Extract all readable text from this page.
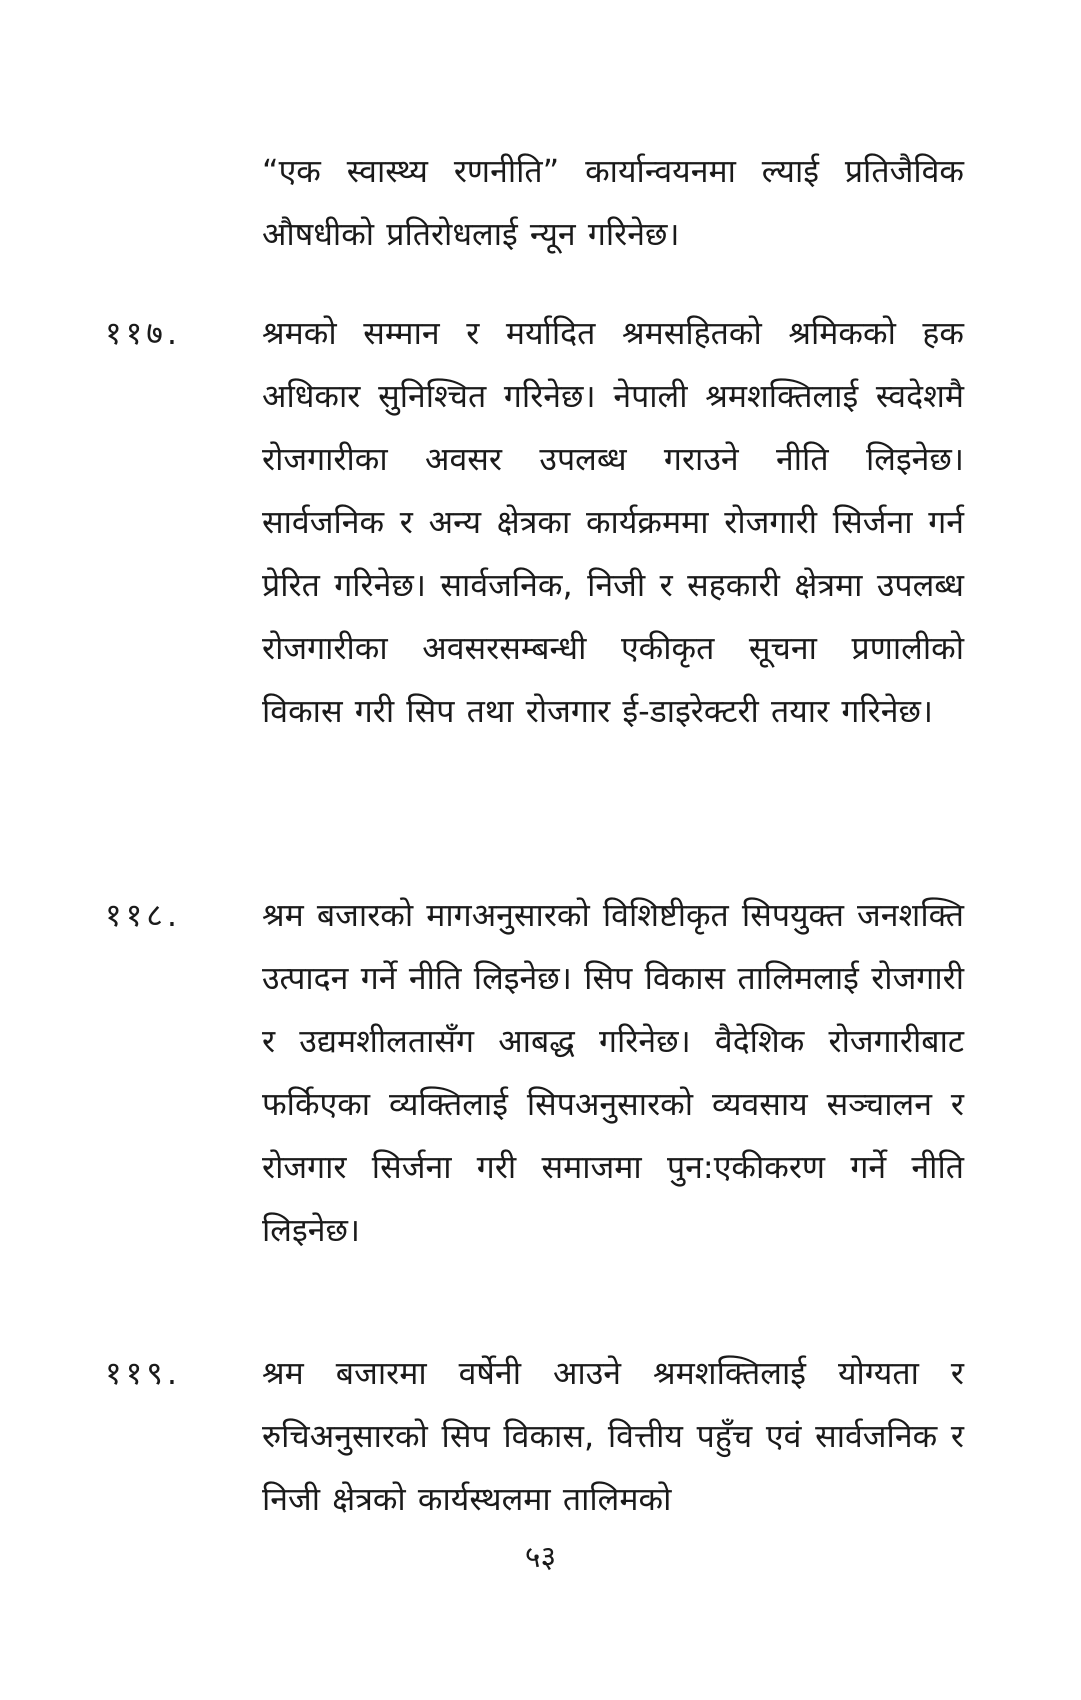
“एक स्वास्थ्य रणनीति” कार्यान्वयनमा ल्याई प्रतिजैविक औषधीको प्रतिरोधलाई न्यून गरिनेछ।
११७.	श्रमको सम्मान र मर्यादित श्रमसहितको श्रमिकको हक अधिकार सुनिश्चित गरिनेछ। नेपाली श्रमशक्तिलाई स्वदेशमै रोजगारीका अवसर उपलब्ध गराउने नीति लिइनेछ। सार्वजनिक र अन्य क्षेत्रका कार्यक्रममा रोजगारी सिर्जना गर्न प्रेरित गरिनेछ। सार्वजनिक, निजी र सहकारी क्षेत्रमा उपलब्ध रोजगारीका अवसरसम्बन्धी एकीकृत सूचना प्रणालीको विकास गरी सिप तथा रोजगार ई-डाइरेक्टरी तयार गरिनेछ।
११८.	श्रम बजारको मागअनुसारको विशिष्टीकृत सिपयुक्त जनशक्ति उत्पादन गर्ने नीति लिइनेछ। सिप विकास तालिमलाई रोजगारी र उद्यमशीलतासँग आबद्ध गरिनेछ। वैदेशिक रोजगारीबाट फर्किएका व्यक्तिलाई सिपअनुसारको व्यवसाय सञ्चालन र रोजगार सिर्जना गरी समाजमा पुन:एकीकरण गर्ने नीति लिइनेछ।
११९.	श्रम बजारमा वर्षेनी आउने श्रमशक्तिलाई योग्यता र रुचिअनुसारको सिप विकास, वित्तीय पहुँच एवं सार्वजनिक र निजी क्षेत्रको कार्यस्थलमा तालिमको
५३
